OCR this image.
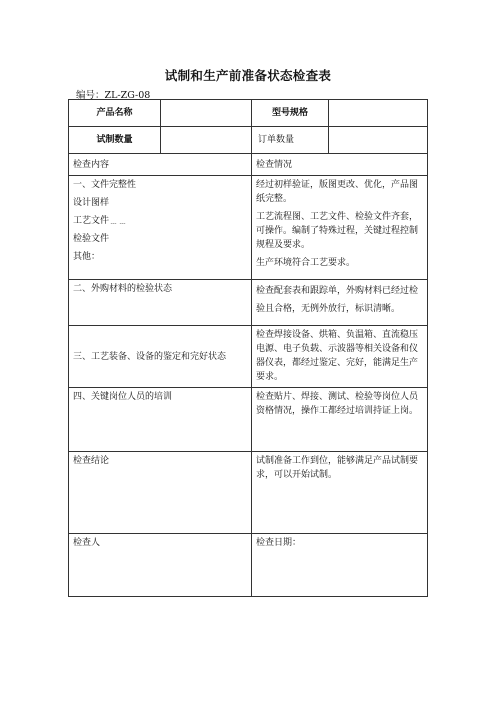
试制和生产前准备状态检查表
编号：ZL-ZG-08
产品名称		型号规格	
试制数量		订单数量	
检查内容		检查情况	

一、文件完整性
设计图样
工艺文件﹍﹍
检验文件
其他：		经过初样验证，版图更改、优化，产品图纸完整。
工艺流程图、工艺文件、检验文件齐套，可操作。编制了特殊过程，关键过程控制规程及要求。
生产环境符合工艺要求。	

二、外购材料的检验状态		检查配套表和跟踪单，外购材料已经过检验且合格，无例外放行，标识清晰。	

三、工艺装备、设备的鉴定和完好状态		检查焊接设备、烘箱、负温箱、直流稳压电源、电子负载、示波器等相关设备和仪器仪表，都经过鉴定、完好，能满足生产要求。	

四、关键岗位人员的培训		检查贴片、焊接、测试、检验等岗位人员资格情况，操作工都经过培训持证上岗。	

检查结论		试制准备工作到位，能够满足产品试制要求，可以开始试制。	

检查人		检查日期：	
